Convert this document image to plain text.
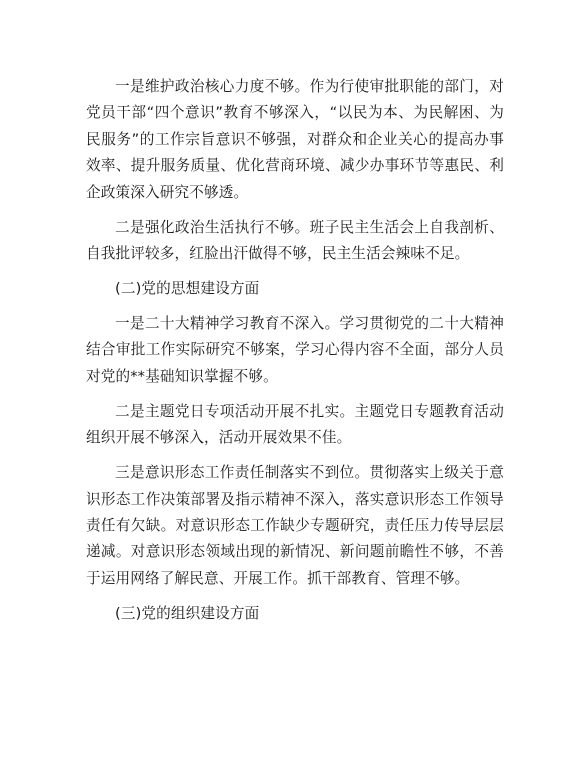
一是维护政治核心力度不够。作为行使审批职能的部门，对党员干部“四个意识”教育不够深入，“以民为本、为民解困、为民服务”的工作宗旨意识不够强，对群众和企业关心的提高办事效率、提升服务质量、优化营商环境、减少办事环节等惠民、利企政策深入研究不够透。

二是强化政治生活执行不够。班子民主生活会上自我剖析、自我批评较多，红脸出汗做得不够，民主生活会辣味不足。

(二)党的思想建设方面

一是二十大精神学习教育不深入。学习贯彻党的二十大精神结合审批工作实际研究不够案，学习心得内容不全面，部分人员对党的**基础知识掌握不够。

二是主题党日专项活动开展不扎实。主题党日专题教育活动组织开展不够深入，活动开展效果不佳。

三是意识形态工作责任制落实不到位。贯彻落实上级关于意识形态工作决策部署及指示精神不深入，落实意识形态工作领导责任有欠缺。对意识形态工作缺少专题研究，责任压力传导层层递减。对意识形态领域出现的新情况、新问题前瞻性不够，不善于运用网络了解民意、开展工作。抓干部教育、管理不够。

(三)党的组织建设方面
